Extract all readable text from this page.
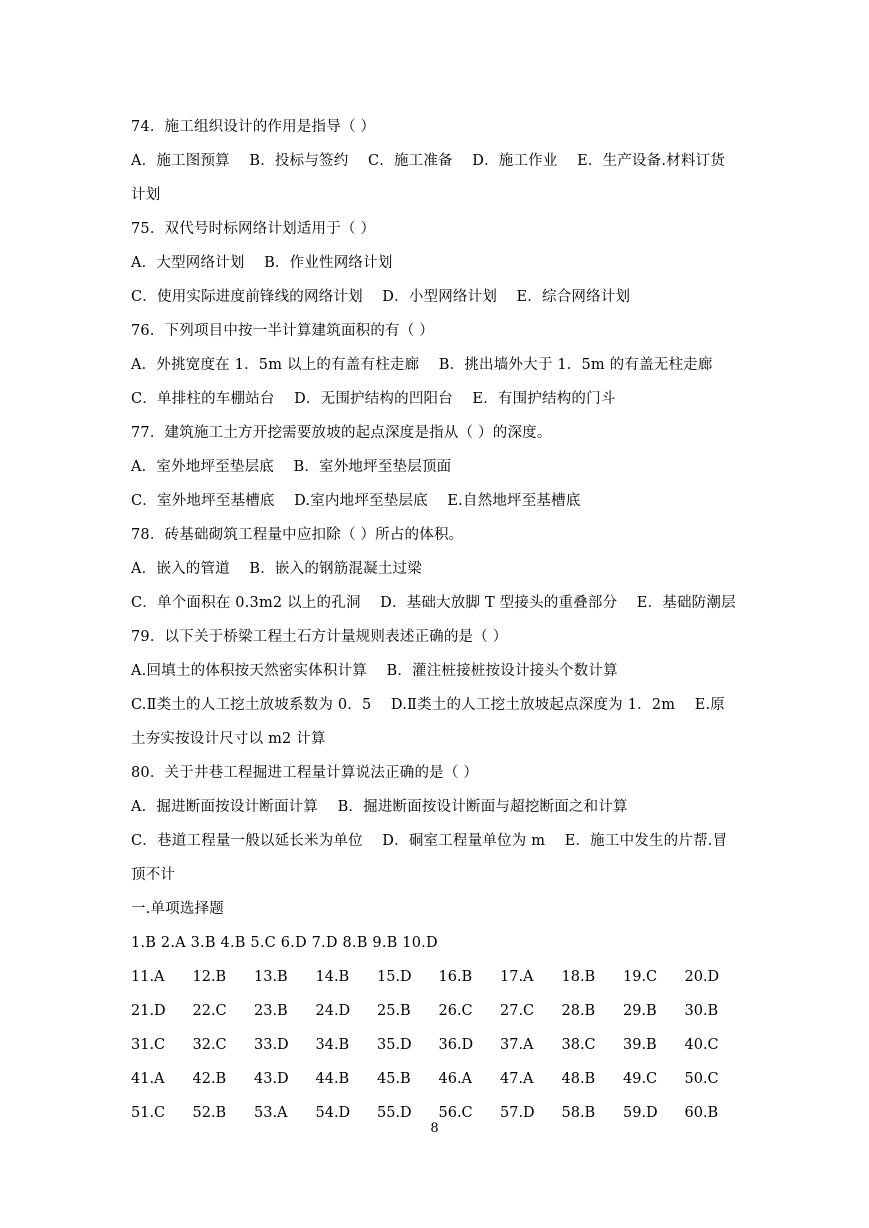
74．施工组织设计的作用是指导（ ）
A．施工图预算　 B．投标与签约　 C．施工准备　 D．施工作业　 E．生产设备.材料订货
计划
75．双代号时标网络计划适用于（ ）
A．大型网络计划　 B．作业性网络计划
C．使用实际进度前锋线的网络计划　 D．小型网络计划　 E．综合网络计划
76．下列项目中按一半计算建筑面积的有（ ）
A．外挑宽度在 1．5m 以上的有盖有柱走廊　 B．挑出墙外大于 1．5m 的有盖无柱走廊
C．单排柱的车棚站台　 D．无围护结构的凹阳台　 E．有围护结构的门斗
77．建筑施工土方开挖需要放坡的起点深度是指从（ ）的深度。
A．室外地坪至垫层底　 B．室外地坪至垫层顶面
C．室外地坪至基槽底　 D.室内地坪至垫层底　 E.自然地坪至基槽底
78．砖基础砌筑工程量中应扣除（ ）所占的体积。
A．嵌入的管道　 B．嵌入的钢筋混凝土过梁
C．单个面积在 0.3m2 以上的孔洞　 D．基础大放脚 T 型接头的重叠部分　 E．基础防潮层
79．以下关于桥梁工程土石方计量规则表述正确的是（ ）
A.回填土的体积按天然密实体积计算　 B．灌注桩接桩按设计接头个数计算
C.Ⅱ类土的人工挖土放坡系数为 0．5　 D.Ⅱ类土的人工挖土放坡起点深度为 1．2m　 E.原
土夯实按设计尺寸以 m2 计算
80．关于井巷工程掘进工程量计算说法正确的是（ ）
A．掘进断面按设计断面计算　 B．掘进断面按设计断面与超挖断面之和计算
C．巷道工程量一般以延长米为单位　 D．硐室工程量单位为 m　 E．施工中发生的片帮.冒
顶不计
一.单项选择题
1.B 2.A 3.B 4.B 5.C 6.D 7.D 8.B 9.B 10.D
11.A 12.B 13.B 14.B 15.D 16.B 17.A 18.B 19.C 20.D
21.D 22.C 23.B 24.D 25.B 26.C 27.C 28.B 29.B 30.B
31.C 32.C 33.D 34.B 35.D 36.D 37.A 38.C 39.B 40.C
41.A 42.B 43.D 44.B 45.B 46.A 47.A 48.B 49.C 50.C
51.C 52.B 53.A 54.D 55.D 56.C 57.D 58.B 59.D 60.B
8
